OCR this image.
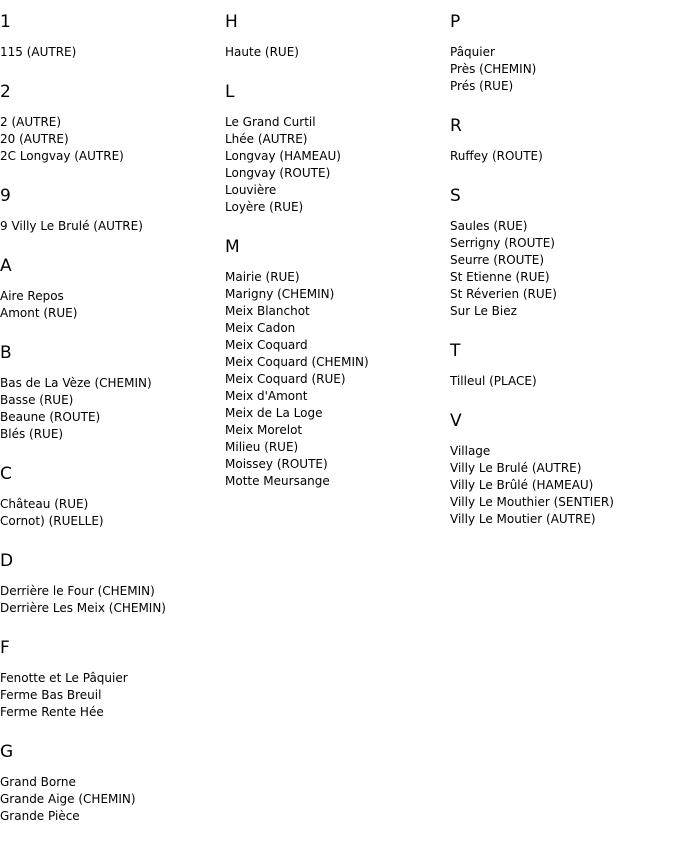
1
115 (AUTRE)
2
2 (AUTRE)
20 (AUTRE)
2C Longvay (AUTRE)
9
9 Villy Le Brulé (AUTRE)
A
Aire Repos
Amont (RUE)
B
Bas de La Vèze (CHEMIN)
Basse (RUE)
Beaune (ROUTE)
Blés (RUE)
C
Château (RUE)
Cornot) (RUELLE)
D
Derrière le Four (CHEMIN)
Derrière Les Meix (CHEMIN)
F
Fenotte et Le Pâquier
Ferme Bas Breuil
Ferme Rente Hée
G
Grand Borne
Grande Aige (CHEMIN)
Grande Pièce
H
Haute (RUE)
L
Le Grand Curtil
Lhée (AUTRE)
Longvay (HAMEAU)
Longvay (ROUTE)
Louvière
Loyère (RUE)
M
Mairie (RUE)
Marigny (CHEMIN)
Meix Blanchot
Meix Cadon
Meix Coquard
Meix Coquard (CHEMIN)
Meix Coquard (RUE)
Meix d'Amont
Meix de La Loge
Meix Morelot
Milieu (RUE)
Moissey (ROUTE)
Motte Meursange
P
Pâquier
Près (CHEMIN)
Prés (RUE)
R
Ruffey (ROUTE)
S
Saules (RUE)
Serrigny (ROUTE)
Seurre (ROUTE)
St Etienne (RUE)
St Réverien (RUE)
Sur Le Biez
T
Tilleul (PLACE)
V
Village
Villy Le Brulé (AUTRE)
Villy Le Brûlé (HAMEAU)
Villy Le Mouthier (SENTIER)
Villy Le Moutier (AUTRE)
